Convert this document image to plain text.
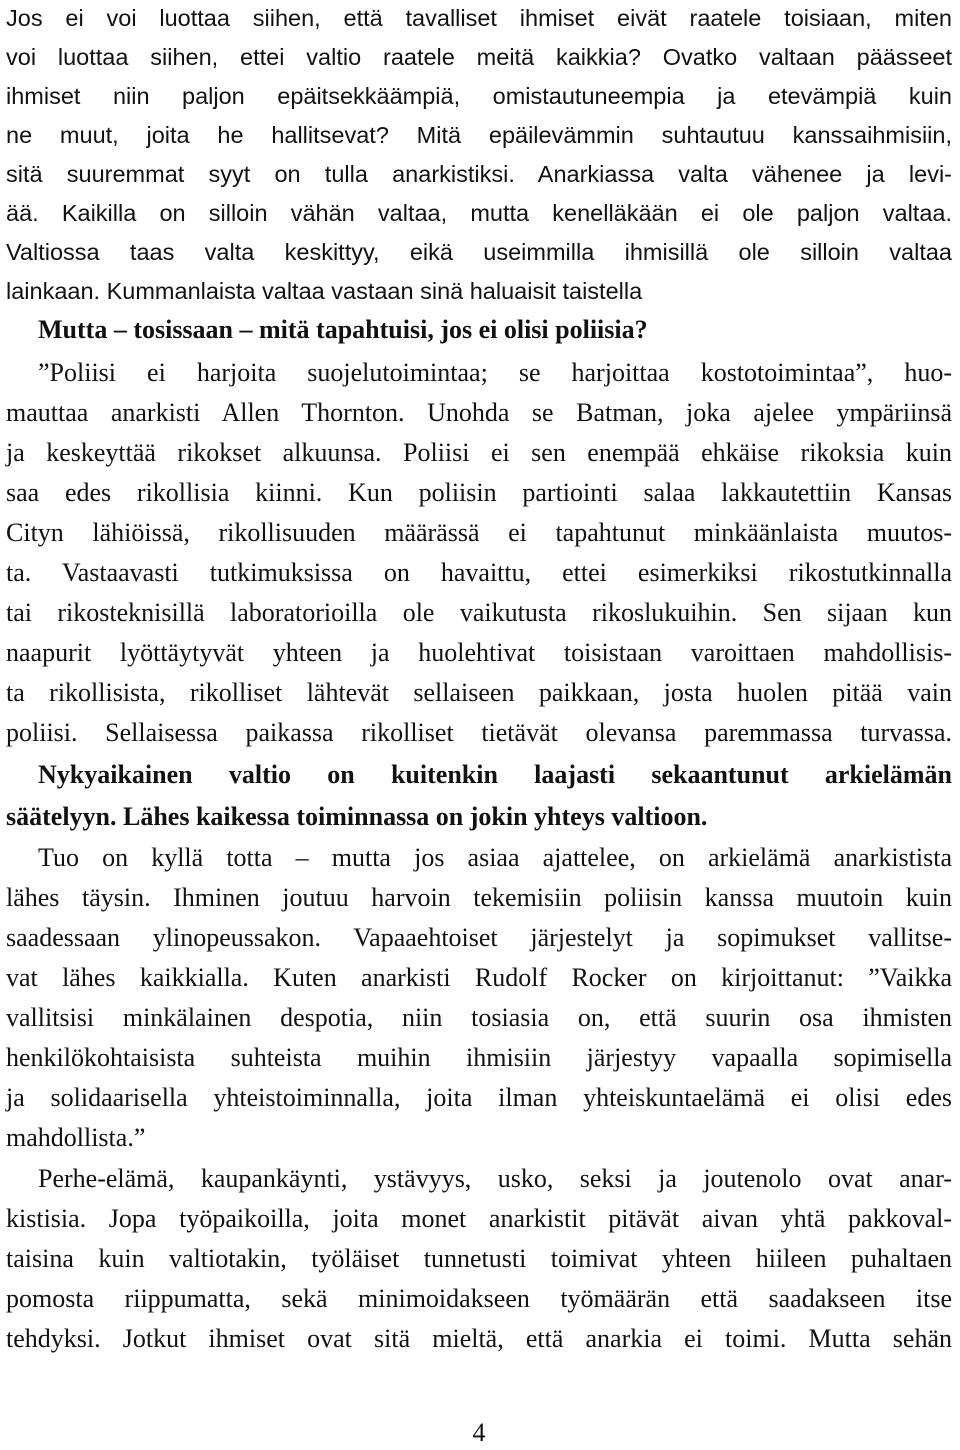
Jos ei voi luottaa siihen, että tavalliset ihmiset eivät raatele toisiaan, miten
voi luottaa siihen, ettei valtio raatele meitä kaikkia? Ovatko valtaan päässeet
ihmiset niin paljon epäitsekkäämpiä, omistautuneempia ja etevämpiä kuin
ne muut, joita he hallitsevat? Mitä epäilevämmin suhtautuu kanssaihmisiin,
sitä suuremmat syyt on tulla anarkistiksi. Anarkiassa valta vähenee ja levi-
ää. Kaikilla on silloin vähän valtaa, mutta kenelläkään ei ole paljon valtaa.
Valtiossa taas valta keskittyy, eikä useimmilla ihmisillä ole silloin valtaa
lainkaan. Kummanlaista valtaa vastaan sinä haluaisit taistella
Mutta – tosissaan – mitä tapahtuisi, jos ei olisi poliisia?
”Poliisi ei harjoita suojelutoimintaa; se harjoittaa kostotoimintaa”, huo-
mauttaa anarkisti Allen Thornton. Unohda se Batman, joka ajelee ympäriinsä
ja keskeyttää rikokset alkuunsa. Poliisi ei sen enempää ehkäise rikoksia kuin
saa edes rikollisia kiinni. Kun poliisin partiointi salaa lakkautettiin Kansas
Cityn lähiöissä, rikollisuuden määrässä ei tapahtunut minkäänlaista muutos-
ta. Vastaavasti tutkimuksissa on havaittu, ettei esimerkiksi rikostutkinnalla
tai rikosteknisillä laboratorioilla ole vaikutusta rikoslukuihin. Sen sijaan kun
naapurit lyöttäytyvät yhteen ja huolehtivat toisistaan varoittaen mahdollisis-
ta rikollisista, rikolliset lähtevät sellaiseen paikkaan, josta huolen pitää vain
poliisi. Sellaisessa paikassa rikolliset tietävät olevansa paremmassa turvassa.
Nykyaikainen valtio on kuitenkin laajasti sekaantunut arkielämän
säätelyyn. Lähes kaikessa toiminnassa on jokin yhteys valtioon.
Tuo on kyllä totta – mutta jos asiaa ajattelee, on arkielämä anarkistista
lähes täysin. Ihminen joutuu harvoin tekemisiin poliisin kanssa muutoin kuin
saadessaan ylinopeussakon. Vapaaehtoiset järjestelyt ja sopimukset vallitse-
vat lähes kaikkialla. Kuten anarkisti Rudolf Rocker on kirjoittanut: ”Vaikka
vallitsisi minkälainen despotia, niin tosiasia on, että suurin osa ihmisten
henkilökohtaisista suhteista muihin ihmisiin järjestyy vapaalla sopimisella
ja solidaarisella yhteistoiminnalla, joita ilman yhteiskuntaelämä ei olisi edes
mahdollista.”
Perhe-elämä, kaupankäynti, ystävyys, usko, seksi ja joutenolo ovat anar-
kistisia. Jopa työpaikoilla, joita monet anarkistit pitävät aivan yhtä pakkoval-
taisina kuin valtiotakin, työläiset tunnetusti toimivat yhteen hiileen puhaltaen
pomosta riippumatta, sekä minimoidakseen työmäärän että saadakseen itse
tehdyksi. Jotkut ihmiset ovat sitä mieltä, että anarkia ei toimi. Mutta sehän
4
